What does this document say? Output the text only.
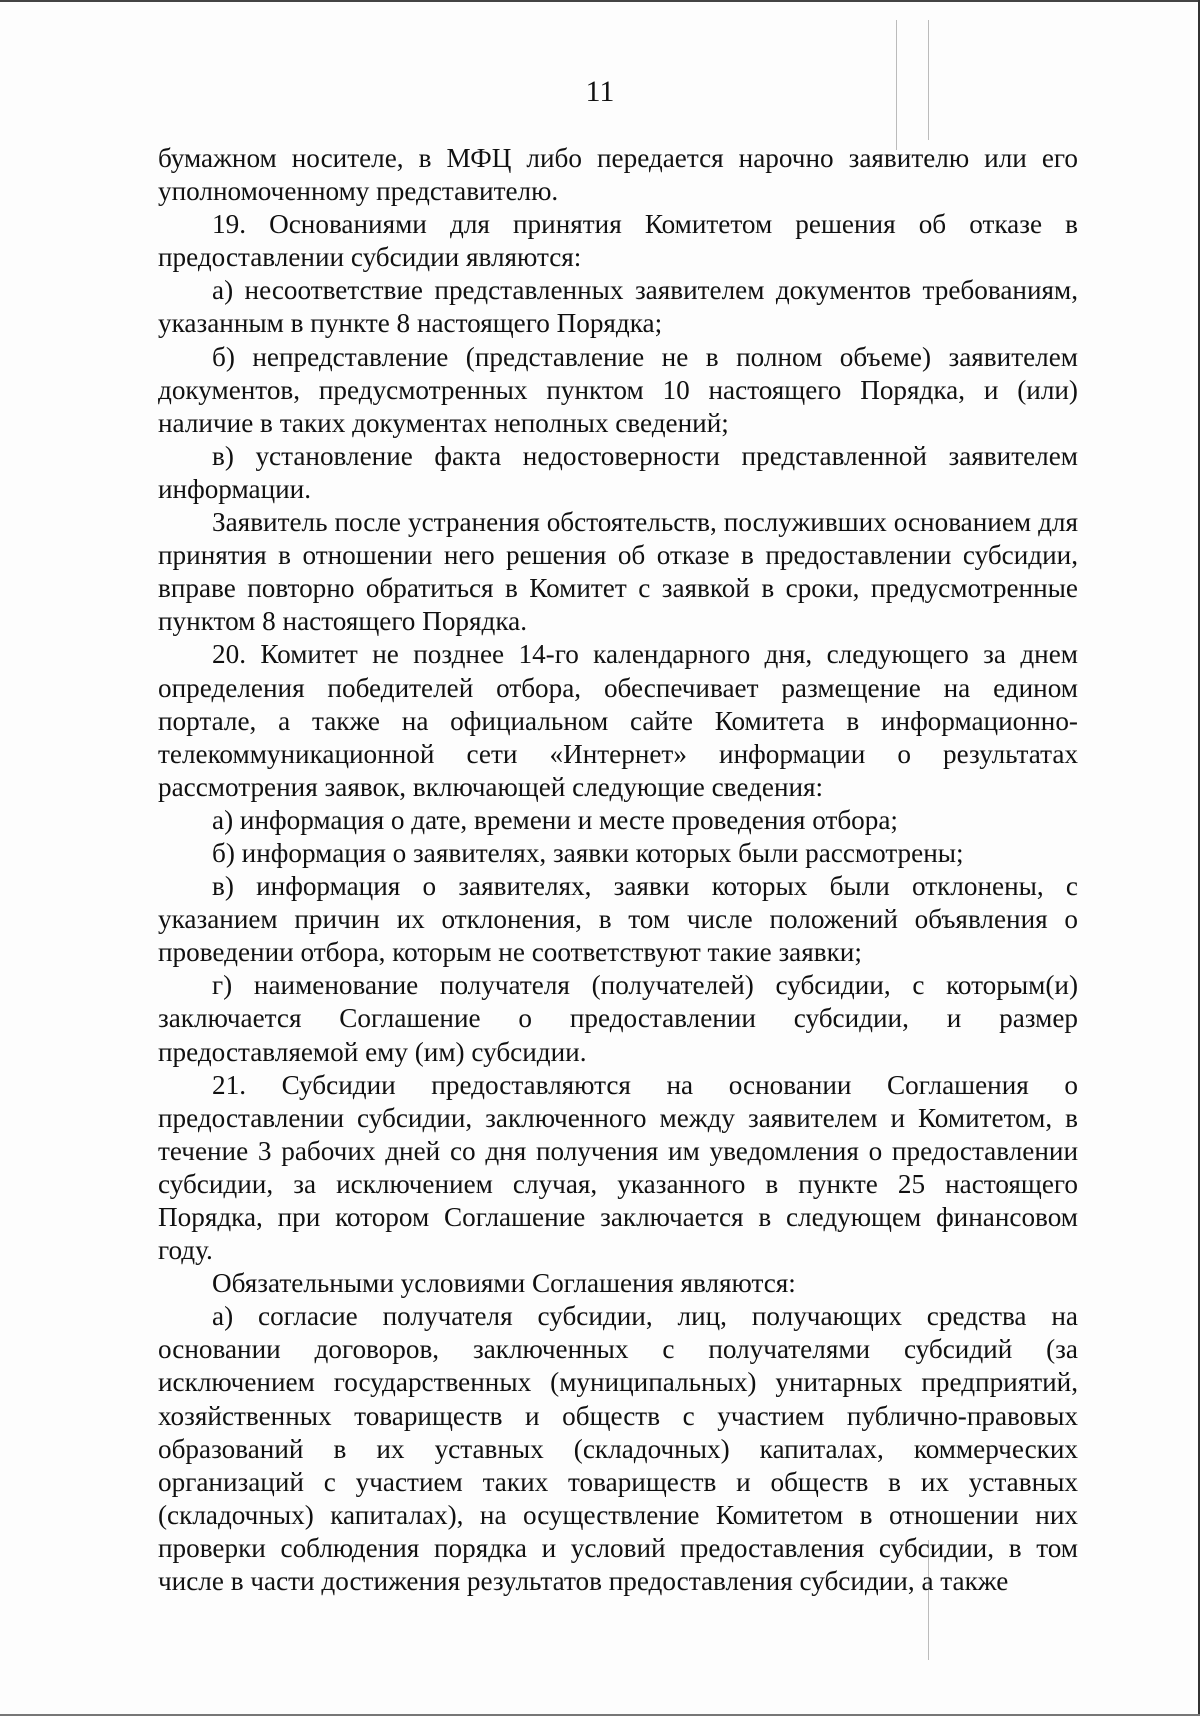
11

бумажном носителе, в МФЦ либо передается нарочно заявителю или его уполномоченному представителю.

19. Основаниями для принятия Комитетом решения об отказе в предоставлении субсидии являются:

а) несоответствие представленных заявителем документов требованиям, указанным в пункте 8 настоящего Порядка;

б) непредставление (представление не в полном объеме) заявителем документов, предусмотренных пунктом 10 настоящего Порядка, и (или) наличие в таких документах неполных сведений;

в) установление факта недостоверности представленной заявителем информации.

Заявитель после устранения обстоятельств, послуживших основанием для принятия в отношении него решения об отказе в предоставлении субсидии, вправе повторно обратиться в Комитет с заявкой в сроки, предусмотренные пунктом 8 настоящего Порядка.

20. Комитет не позднее 14-го календарного дня, следующего за днем определения победителей отбора, обеспечивает размещение на едином портале, а также на официальном сайте Комитета в информационно-телекоммуникационной сети «Интернет» информации о результатах рассмотрения заявок, включающей следующие сведения:

а) информация о дате, времени и месте проведения отбора;

б) информация о заявителях, заявки которых были рассмотрены;

в) информация о заявителях, заявки которых были отклонены, с указанием причин их отклонения, в том числе положений объявления о проведении отбора, которым не соответствуют такие заявки;

г) наименование получателя (получателей) субсидии, с которым(и) заключается Соглашение о предоставлении субсидии, и размер предоставляемой ему (им) субсидии.

21. Субсидии предоставляются на основании Соглашения о предоставлении субсидии, заключенного между заявителем и Комитетом, в течение 3 рабочих дней со дня получения им уведомления о предоставлении субсидии, за исключением случая, указанного в пункте 25 настоящего Порядка, при котором Соглашение заключается в следующем финансовом году.

Обязательными условиями Соглашения являются:

а) согласие получателя субсидии, лиц, получающих средства на основании договоров, заключенных с получателями субсидий (за исключением государственных (муниципальных) унитарных предприятий, хозяйственных товариществ и обществ с участием публично-правовых образований в их уставных (складочных) капиталах, коммерческих организаций с участием таких товариществ и обществ в их уставных (складочных) капиталах), на осуществление Комитетом в отношении них проверки соблюдения порядка и условий предоставления субсидии, в том числе в части достижения результатов предоставления субсидии, а также
